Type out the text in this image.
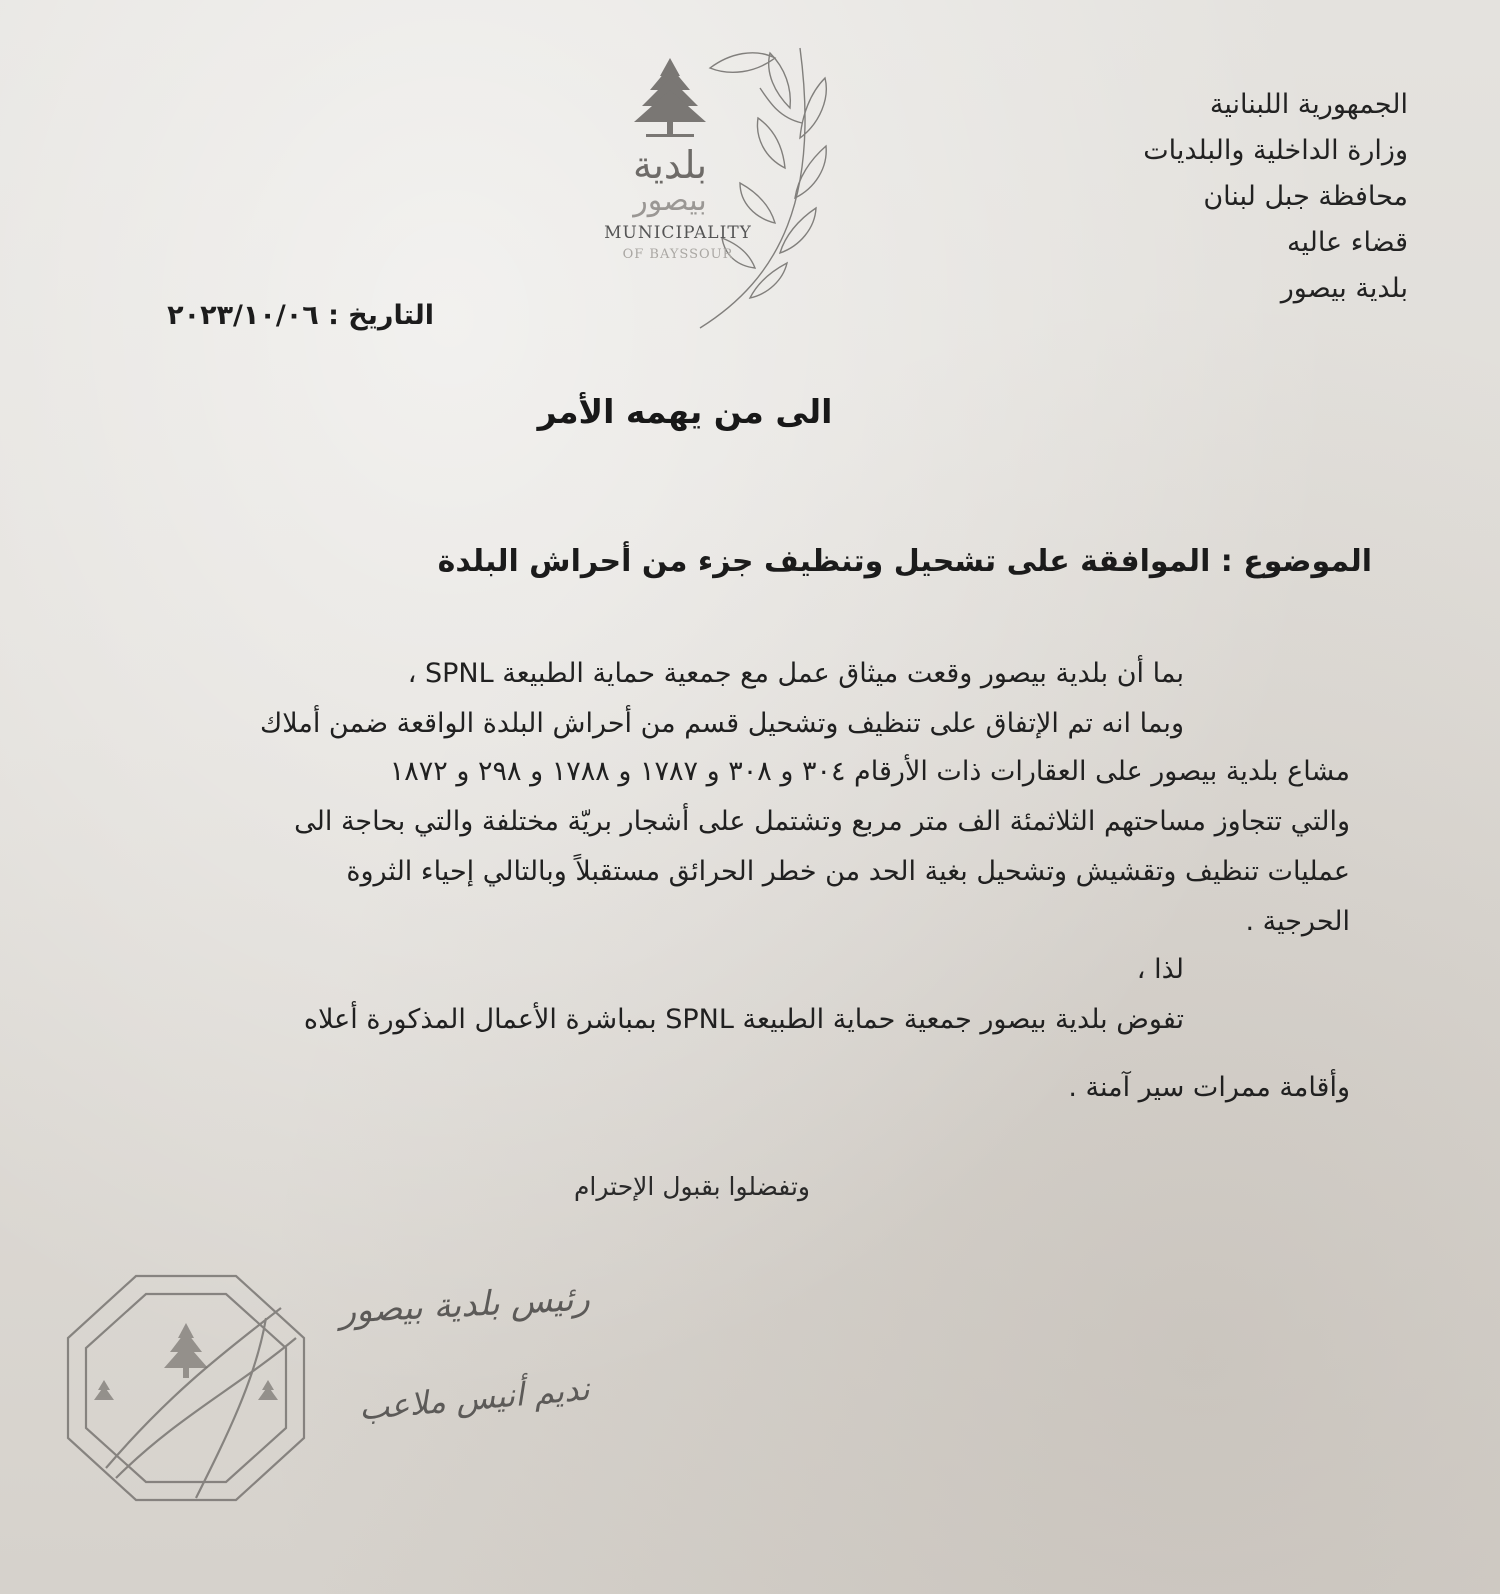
بلدية
بيصور
MUNICIPALITY
OF BAYSSOUR
الجمهورية اللبنانية
وزارة الداخلية والبلديات
محافظة جبل لبنان
قضاء عاليه
بلدية بيصور
التاريخ : ٢٠٢٣/١٠/٠٦
الى من يهمه الأمر
الموضوع : الموافقة على تشحيل وتنظيف جزء من أحراش البلدة
بما أن بلدية بيصور وقعت ميثاق عمل مع جمعية حماية الطبيعة SPNL ،
وبما انه تم الإتفاق على تنظيف وتشحيل قسم من أحراش البلدة الواقعة ضمن أملاك
مشاع بلدية بيصور على العقارات ذات الأرقام ٣٠٤ و ٣٠٨ و ١٧٨٧ و ١٧٨٨ و ٢٩٨ و ١٨٧٢
والتي تتجاوز مساحتهم الثلاثمئة الف متر مربع وتشتمل على أشجار بريّة مختلفة والتي بحاجة الى
عمليات تنظيف وتقشيش وتشحيل بغية الحد من خطر الحرائق مستقبلاً وبالتالي إحياء الثروة
الحرجية .
لذا ،
تفوض بلدية بيصور جمعية حماية الطبيعة SPNL بمباشرة الأعمال المذكورة أعلاه
وأقامة ممرات سير آمنة .
وتفضلوا بقبول الإحترام
رئيس بلدية بيصور
نديم أنيس ملاعب
